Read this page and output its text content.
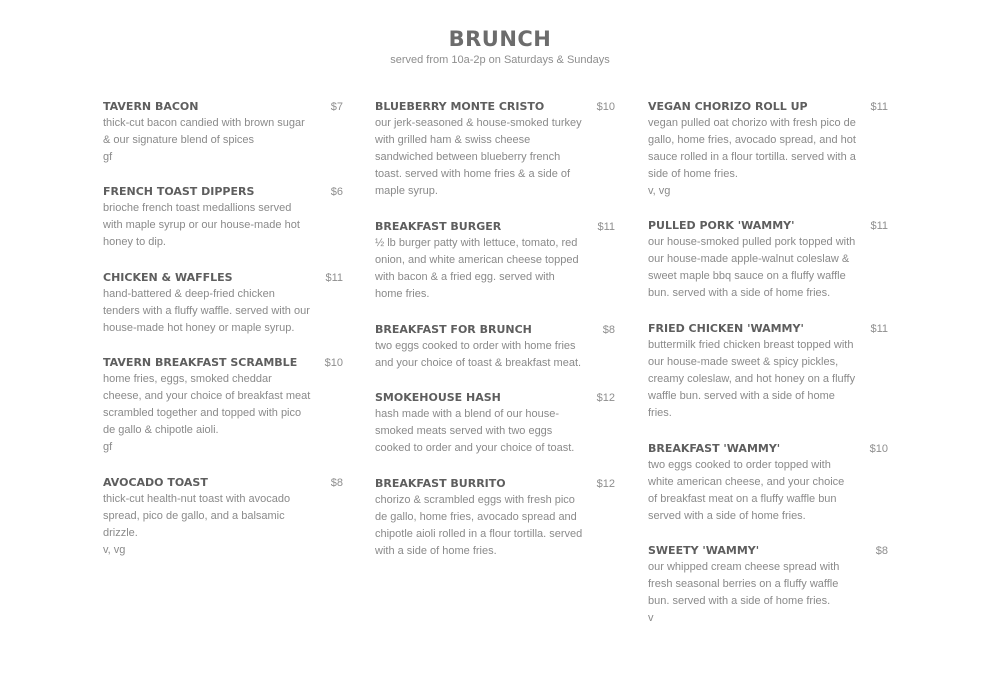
BRUNCH
served from 10a-2p on Saturdays & Sundays
TAVERN BACON	$7
thick-cut bacon candied with brown sugar & our signature blend of spices
gf
FRENCH TOAST DIPPERS	$6
brioche french toast medallions served with maple syrup or our house-made hot honey to dip.
CHICKEN & WAFFLES	$11
hand-battered & deep-fried chicken tenders with a fluffy waffle. served with our house-made hot honey or maple syrup.
TAVERN BREAKFAST SCRAMBLE	$10
home fries, eggs, smoked cheddar cheese, and your choice of breakfast meat scrambled together and topped with pico de gallo & chipotle aioli.
gf
AVOCADO TOAST	$8
thick-cut health-nut toast with avocado spread, pico de gallo, and a balsamic drizzle.
v, vg
BLUEBERRY MONTE CRISTO	$10
our jerk-seasoned & house-smoked turkey with grilled ham & swiss cheese sandwiched between blueberry french toast. served with home fries & a side of maple syrup.
BREAKFAST BURGER	$11
½ lb burger patty with lettuce, tomato, red onion, and white american cheese topped with bacon & a fried egg. served with home fries.
BREAKFAST FOR BRUNCH	$8
two eggs cooked to order with home fries and your choice of toast & breakfast meat.
SMOKEHOUSE HASH	$12
hash made with a blend of our house-smoked meats served with two eggs cooked to order and your choice of toast.
BREAKFAST BURRITO	$12
chorizo & scrambled eggs with fresh pico de gallo, home fries, avocado spread and chipotle aioli rolled in a flour tortilla. served with a side of home fries.
VEGAN CHORIZO ROLL UP	$11
vegan pulled oat chorizo with fresh pico de gallo, home fries, avocado spread, and hot sauce rolled in a flour tortilla. served with a side of home fries.
v, vg
PULLED PORK 'WAMMY'	$11
our house-smoked pulled pork topped with our house-made apple-walnut coleslaw & sweet maple bbq sauce on a fluffy waffle bun. served with a side of home fries.
FRIED CHICKEN 'WAMMY'	$11
buttermilk fried chicken breast topped with our house-made sweet & spicy pickles, creamy coleslaw, and hot honey on a fluffy waffle bun. served with a side of home fries.
BREAKFAST 'WAMMY'	$10
two eggs cooked to order topped with white american cheese, and your choice of breakfast meat on a fluffy waffle bun served with a side of home fries.
SWEETY 'WAMMY'	$8
our whipped cream cheese spread with fresh seasonal berries on a fluffy waffle bun. served with a side of home fries.
v
